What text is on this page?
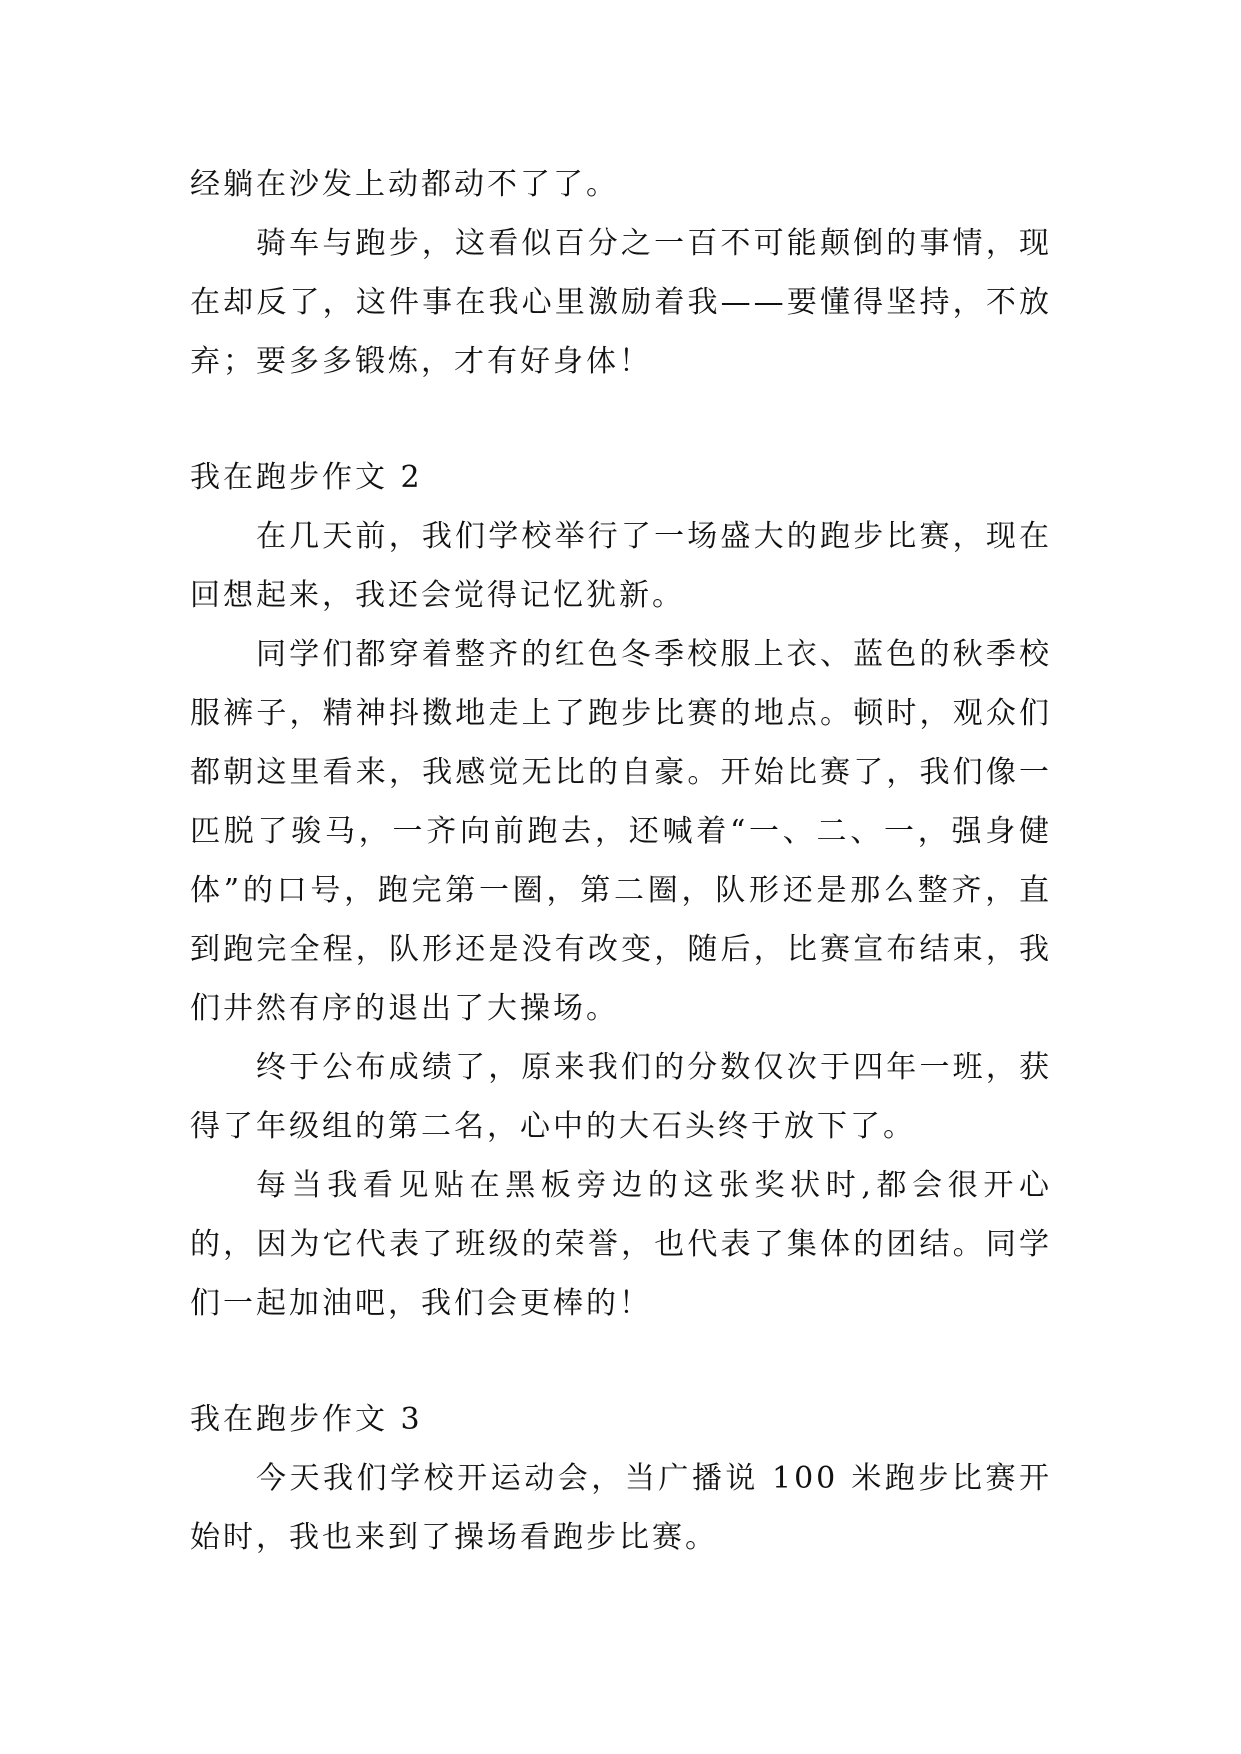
经躺在沙发上动都动不了了。

骑车与跑步，这看似百分之一百不可能颠倒的事情，现在却反了，这件事在我心里激励着我——要懂得坚持，不放弃；要多多锻炼，才有好身体！

我在跑步作文 2

在几天前，我们学校举行了一场盛大的跑步比赛，现在回想起来，我还会觉得记忆犹新。

同学们都穿着整齐的红色冬季校服上衣、蓝色的秋季校服裤子，精神抖擞地走上了跑步比赛的地点。顿时，观众们都朝这里看来，我感觉无比的自豪。开始比赛了，我们像一匹脱了骏马，一齐向前跑去，还喊着“一、二、一，强身健体”的口号，跑完第一圈，第二圈，队形还是那么整齐，直到跑完全程，队形还是没有改变，随后，比赛宣布结束，我们井然有序的退出了大操场。

终于公布成绩了，原来我们的分数仅次于四年一班，获得了年级组的第二名，心中的大石头终于放下了。

每当我看见贴在黑板旁边的这张奖状时,都会很开心的，因为它代表了班级的荣誉，也代表了集体的团结。同学们一起加油吧，我们会更棒的！

我在跑步作文 3

今天我们学校开运动会，当广播说 100 米跑步比赛开始时，我也来到了操场看跑步比赛。
